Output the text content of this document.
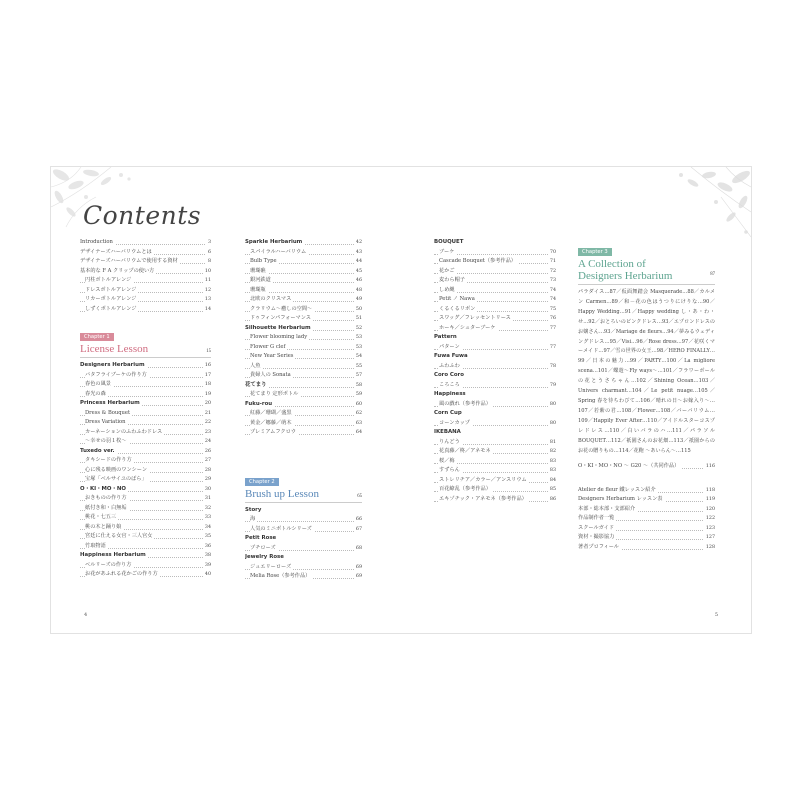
Contents
Introduction	3
デザイナーズハーバリウムとは	6
デザイナーズハーバリウムで使用する資材	8
基本的な F A クリップの使い方	10
円柱ボトルアレンジ	11
ドレスボトルアレンジ	12
リカーボトルアレンジ	13
しずくボトルアレンジ	14
Chapter 1
License Lesson	15
Designers Herbarium	16
バタフライブーケの作り方	17
春色の風景	18
春光の森	19
Princess Herbarium	20
Dress & Bouquet	21
Dress Variation	22
カーネーションのふわふわドレス	23
〜幸せの羽１枚〜	24
Tuxedo ver.	26
タキシードの作り方	27
心に残る映画のワンシーン	28
宝塚「ベルサイユのばら」	29
O・KI・MO・NO	30
おきものの作り方	31
紙付き和・白無垢	32
桃花・七五三	33
桃の木と踊り娘	34
宮廷に仕える女官・三人官女	35
竹取物語	36
Happiness Herbarium	38
ベルリーズの作り方	39
お花があふれる花かごの作り方	40
Sparkle Herbarium	42
スパイラルハーバリウム	43
Bulb Type	44
珊瑚礁	45
銀河鉄道	46
珊瑚瓶	48
北欧のクリスマス	49
クラリウム〜癒しの空間〜	50
ドゥフィンパフォーマンス	51
Silhouette Herbarium	52
Flower blooming lady	53
Flower G clef	53
New Year Series	54
人魚	55
貴婦人の Sonata	57
花てまり	58
花てまり 定形ボトル	59
Fuku-rou	60
紅藤／珊瑚／盛黒	62
黄金／娜藤／萌木	63
プレミアムフクロウ	64
Chapter 2
Brush up Lesson	65
Story
海	66
人気のミニボトルシリーズ	67
Petit Rose
プチローズ	68
Jewelry Rose
ジュエリーローズ	69
Melia Rose（参考作品）	69
BOUQUET
ブーケ	70
Cascade Bouquet（参考作品）	71
花かご	72
麦わら帽子	73
しめ縄	74
Petit ノ Nawa	74
くるくるリボン	75
スワッグ／フレッセントリース	76
ホーキ／シュターブーケ	77
Pattern
パターン	77
Fuwa Fuwa
ふわふわ	78
Coro Coro
ころころ	79
Happiness
風の戯れ（参考作品）	80
Corn Cup
コーンカップ	80
IKEBANA
りんどう	81
花真藤／柊／アネモネ	82
桜／梅	83
すずらん	83
ストレリチア／カラー／アンスリウム	84
百花繚乱（参考作品）	85
エキゾチック・アネモネ（参考作品）	86
Chapter 3
A Collection of
Designers Herbarium	87
パラダイス…87／仮面舞踏会 Masquerade…88／カルメン Carmen…89／和－花の色はうつりにけりな…90／Happy Wedding…91／Happy wedding し・あ・わ・せ…92／おとろいのピンクドレス…93／エプロンドレスのお嬢さん…93／Mariage de fleurs…94／夢みるウェディングドレス…95／Visi…96／Rose dress…97／花咲くマーメイド…97／雪の世界の女王…98／HERO FINALLY…99／日本の魅力…99／PARTY…100／La migliore scena…101／蝶遊～Fly ways～…101／フラワーボールの花とうさちゃん…102／Shining Ocean…103／Univers charmant…104／Le petit nuage…105／Spring 春を待ちわびて…106／晴れの日～お嫁入り～…107／若紫の君…108／Flower…108／バーバリウム…109／Happily Ever After…110／アイドルスターコスプレドレス…110／白いバラのハ…111／パラソル BOUQUET…112／祇園さんのお花畑…113／祇園からのお花の贈りもの…114／花鞄 ～あいらん～…115
O・KI・MO・NO ～ G20 ～（共同作品）	116
Atelier de fleur 鐵レッスン紹介	118
Designers Herbarium レッスン表	119
本部・総本部・支部紹介	120
作品制作者一覧	122
スクールガイド	123
資材・撮影協力	127
著者プロフィール	128
4	5
